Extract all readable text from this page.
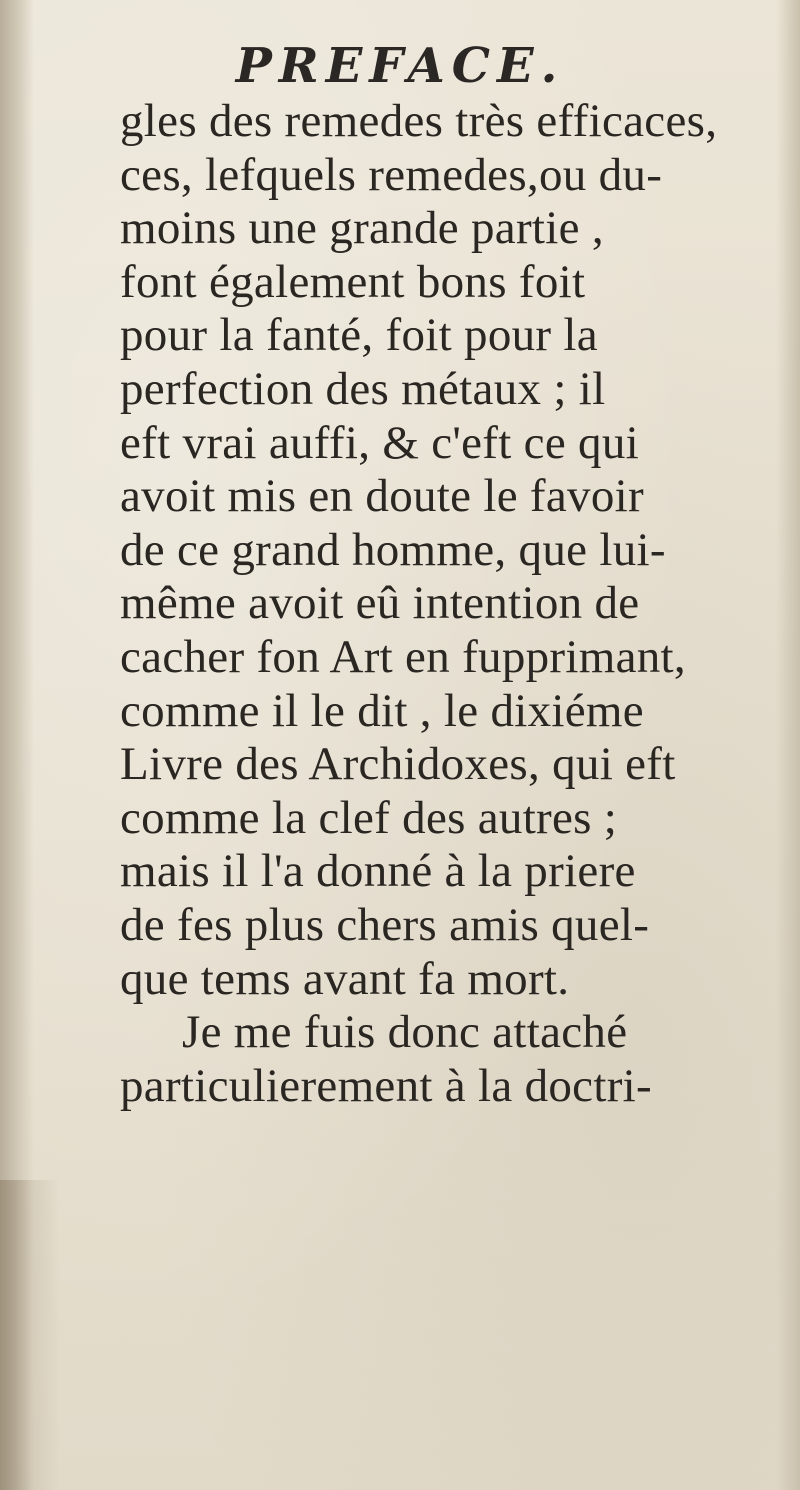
PREFACE.
gles des remedes très efficaces,
ces, lefquels remedes,ou du-
moins une grande partie ,
font également bons foit
pour la fanté, foit pour la
perfection des métaux ; il
eft vrai auffi, & c'eft ce qui
avoit mis en doute le favoir
de ce grand homme, que lui-
même avoit eû intention de
cacher fon Art en fupprimant,
comme il le dit , le dixiéme
Livre des Archidoxes, qui eft
comme la clef des autres ;
mais il l'a donné à la priere
de fes plus chers amis quel-
que tems avant fa mort.
Je me fuis donc attaché
particulierement à la doctri-
